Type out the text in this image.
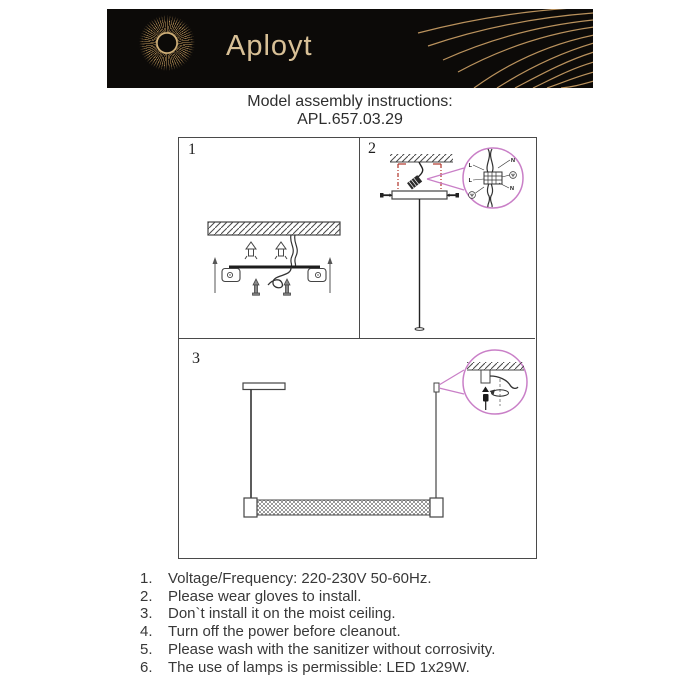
Aployt
Model assembly instructions:
APL.657.03.29
1	2
L
N
L
N
3
1.	Voltage/Frequency: 220-230V 50-60Hz.
2.	Please wear gloves to install.
3.	Don`t install it on the moist ceiling.
4.	Turn off the power before cleanout.
5.	Please wash with the sanitizer without corrosivity.
6.	The use of lamps is permissible: LED 1x29W.
